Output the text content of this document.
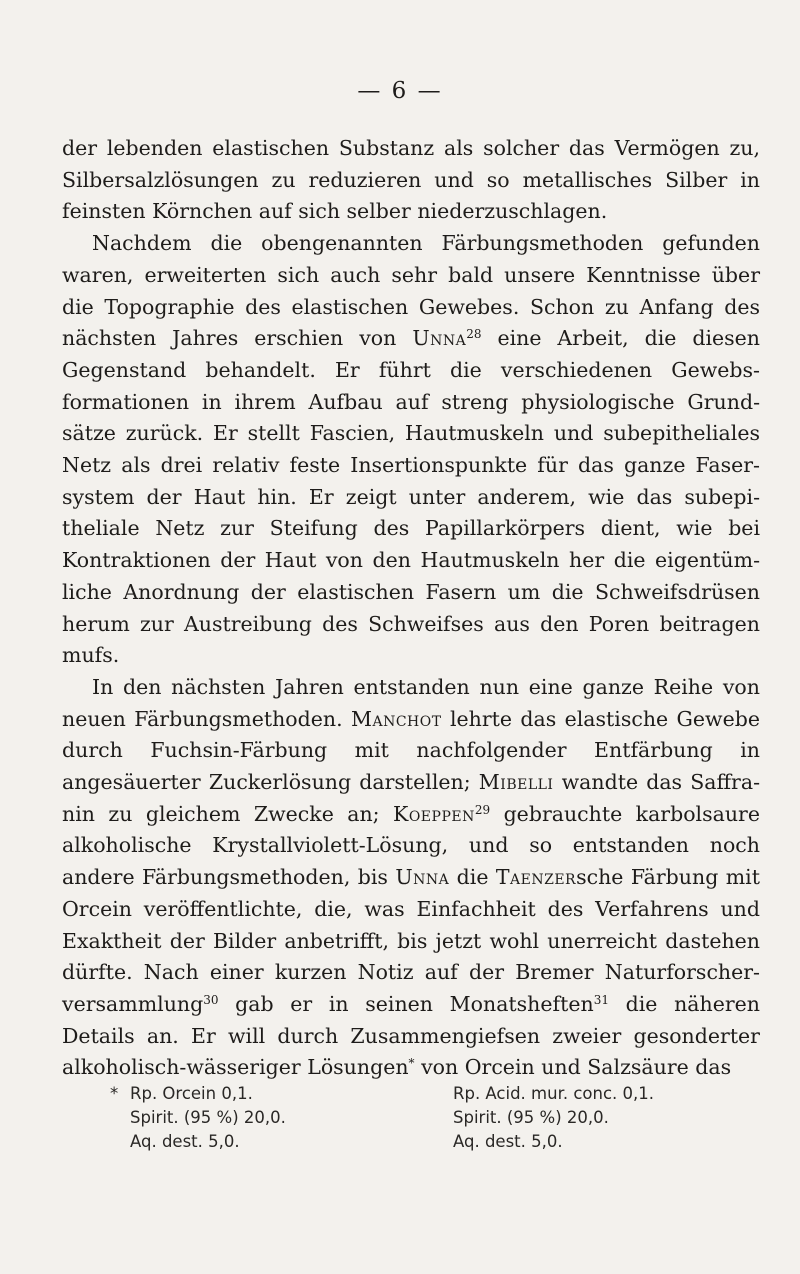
— 6 —

der lebenden elastischen Substanz als solcher das Vermögen zu, Silbersalzlösungen zu reduzieren und so metallisches Silber in feinsten Körnchen auf sich selber niederzuschlagen.

Nachdem die obengenannten Färbungsmethoden gefunden waren, erweiterten sich auch sehr bald unsere Kenntnisse über die Topographie des elastischen Gewebes. Schon zu Anfang des nächsten Jahres erschien von Unna$^{28}$ eine Arbeit, die diesen Gegenstand behandelt. Er führt die verschiedenen Gewebs- formationen in ihrem Aufbau auf streng physiologische Grund- sätze zurück. Er stellt Fascien, Hautmuskeln und subepitheliales Netz als drei relativ feste Insertionspunkte für das ganze Faser- system der Haut hin. Er zeigt unter anderem, wie das subepi- theliale Netz zur Steifung des Papillarkörpers dient, wie bei Kontraktionen der Haut von den Hautmuskeln her die eigentüm- liche Anordnung der elastischen Fasern um die Schweifsdrüsen herum zur Austreibung des Schweifses aus den Poren beitragen mufs.

In den nächsten Jahren entstanden nun eine ganze Reihe von neuen Färbungsmethoden. Manchot lehrte das elastische Gewebe durch Fuchsin-Färbung mit nachfolgender Entfärbung in angesäuerter Zuckerlösung darstellen; Mibelli wandte das Saffra- nin zu gleichem Zwecke an; Koeppen$^{29}$ gebrauchte karbolsaure alkoholische Krystallviolett-Lösung, und so entstanden noch andere Färbungsmethoden, bis Unna die Taenzersche Färbung mit Orcein veröffentlichte, die, was Einfachheit des Verfahrens und Exaktheit der Bilder anbetrifft, bis jetzt wohl unerreicht dastehen dürfte. Nach einer kurzen Notiz auf der Bremer Naturforscher- versammlung$^{30}$ gab er in seinen Monatsheften$^{31}$ die näheren Details an. Er will durch Zusammengiefsen zweier gesonderter alkoholisch-wässeriger Lösungen* von Orcein und Salzsäure das

* Rp. Orcein 0,1.
Spirit. (95 %) 20,0.
Aq. dest. 5,0.
Rp. Acid. mur. conc. 0,1.
Spirit. (95 %) 20,0.
Aq. dest. 5,0.
